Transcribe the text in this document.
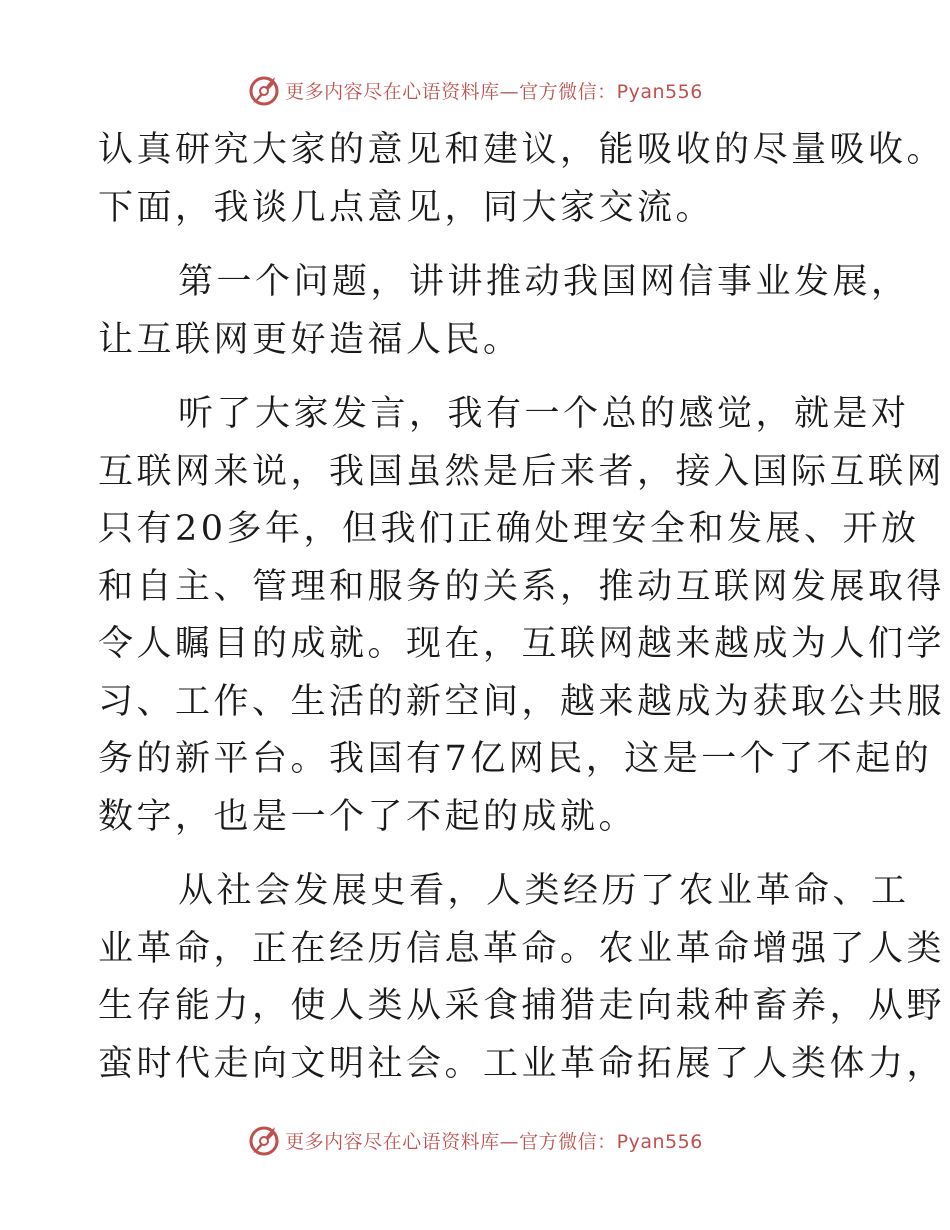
更多内容尽在心语资料库—官方微信：Pyan556
认真研究大家的意见和建议，能吸收的尽量吸收。
下面，我谈几点意见，同大家交流。
第一个问题，讲讲推动我国网信事业发展，
让互联网更好造福人民。
听了大家发言，我有一个总的感觉，就是对
互联网来说，我国虽然是后来者，接入国际互联网
只有20多年，但我们正确处理安全和发展、开放
和自主、管理和服务的关系，推动互联网发展取得
令人瞩目的成就。现在，互联网越来越成为人们学
习、工作、生活的新空间，越来越成为获取公共服
务的新平台。我国有7亿网民，这是一个了不起的
数字，也是一个了不起的成就。
从社会发展史看，人类经历了农业革命、工
业革命，正在经历信息革命。农业革命增强了人类
生存能力，使人类从采食捕猎走向栽种畜养，从野
蛮时代走向文明社会。工业革命拓展了人类体力，
更多内容尽在心语资料库—官方微信：Pyan556
